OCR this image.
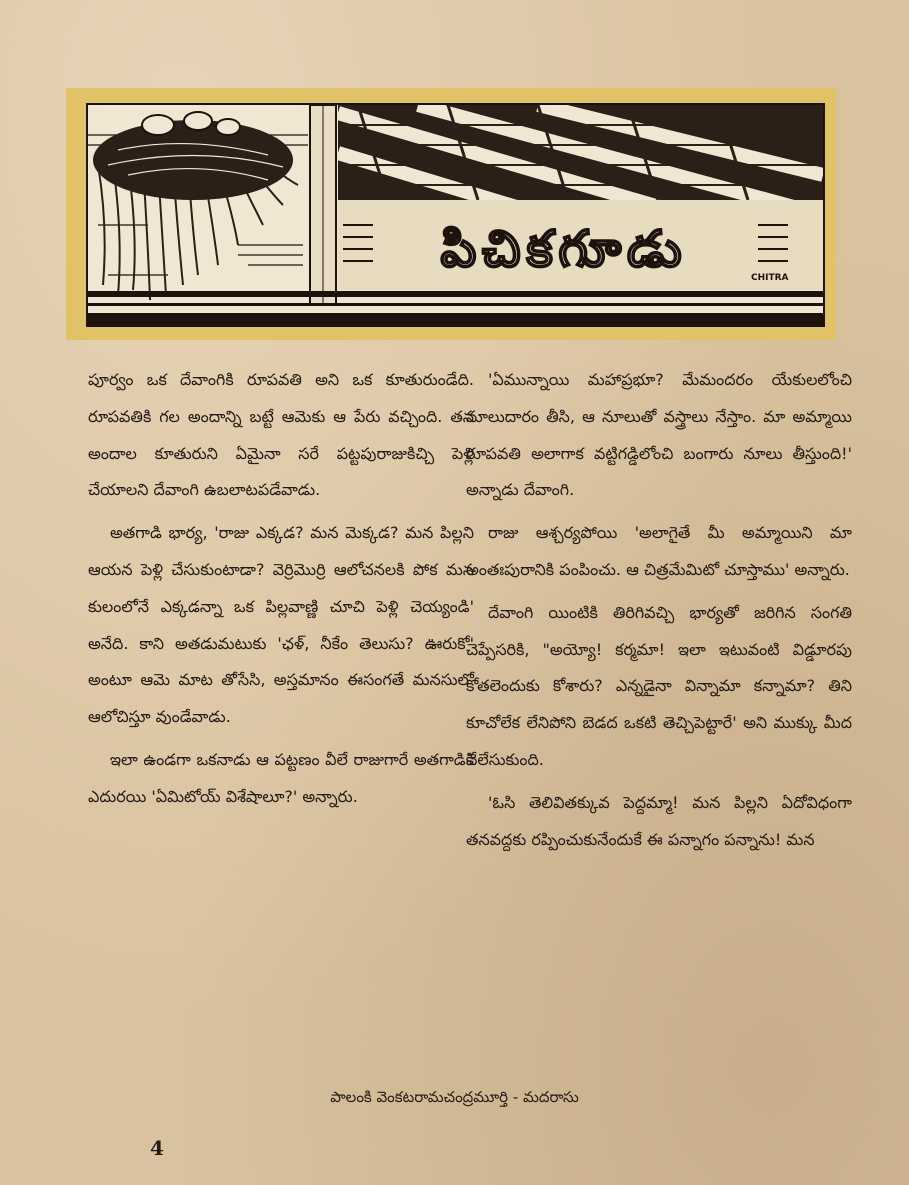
పిచికగూడు
CHITRA

పూర్వం ఒక దేవాంగికి రూపవతి అని ఒక కూతురుండేది. రూపవతికి గల అందాన్ని బట్టే ఆమెకు ఆ పేరు వచ్చింది. తన అందాల కూతురుని ఏమైనా సరే పట్టపురాజుకిచ్చి పెళ్లి చేయాలని దేవాంగి ఉబలాటపడేవాడు.

అతగాడి భార్య, 'రాజు ఎక్కడ? మన మెక్కడ? మన పిల్లని ఆయన పెళ్లి చేసుకుంటాడా? వెర్రిమొర్రి ఆలోచనలకి పోక మన కులంలోనే ఎక్కడన్నా ఒక పిల్లవాణ్ణి చూచి పెళ్లి చెయ్యండి' అనేది. కాని అతడుమటుకు 'ఛళ్, నీకేం తెలుసు? ఊరుకో' అంటూ ఆమె మాట తోసేసి, అస్తమానం ఈసంగతే మనసులో ఆలోచిస్తూ వుండేవాడు.

ఇలా ఉండగా ఒకనాడు ఆ పట్టణం వీలే రాజుగారే అతగాడికి ఎదురయి 'ఏమిటోయ్ విశేషాలూ?' అన్నారు.

'ఏమున్నాయి మహాప్రభూ? మేమందరం యేకులలోంచి నూలుదారం తీసి, ఆ నూలుతో వస్త్రాలు నేస్తాం. మా అమ్మాయి రూపవతి అలాగాక వట్టిగడ్డిలోంచి బంగారు నూలు తీస్తుంది!' అన్నాడు దేవాంగి.

రాజు ఆశ్చర్యపోయి 'అలాగైతే మీ అమ్మాయిని మా అంతఃపురానికి పంపించు. ఆ చిత్రమేమిటో చూస్తాము' అన్నారు.

దేవాంగి యింటికి తిరిగివచ్చి భార్యతో జరిగిన సంగతి చెప్పేసరికి, "అయ్యో! కర్మమా! ఇలా ఇటువంటి విడ్డూరపు కోతలెందుకు కోశారు? ఎన్నడైనా విన్నామా కన్నామా? తిని కూచోలేక లేనిపోని బెడద ఒకటి తెచ్చిపెట్టారే' అని ముక్కు మీద వేలేసుకుంది.

'ఓసి తెలివితక్కువ పెద్దమ్మా! మన పిల్లని ఏదోవిధంగా తనవద్దకు రప్పించుకునేందుకే ఈ పన్నాగం పన్నాను! మన

పాలంకి వెంకటరామచంద్రమూర్తి - మదరాసు
4
